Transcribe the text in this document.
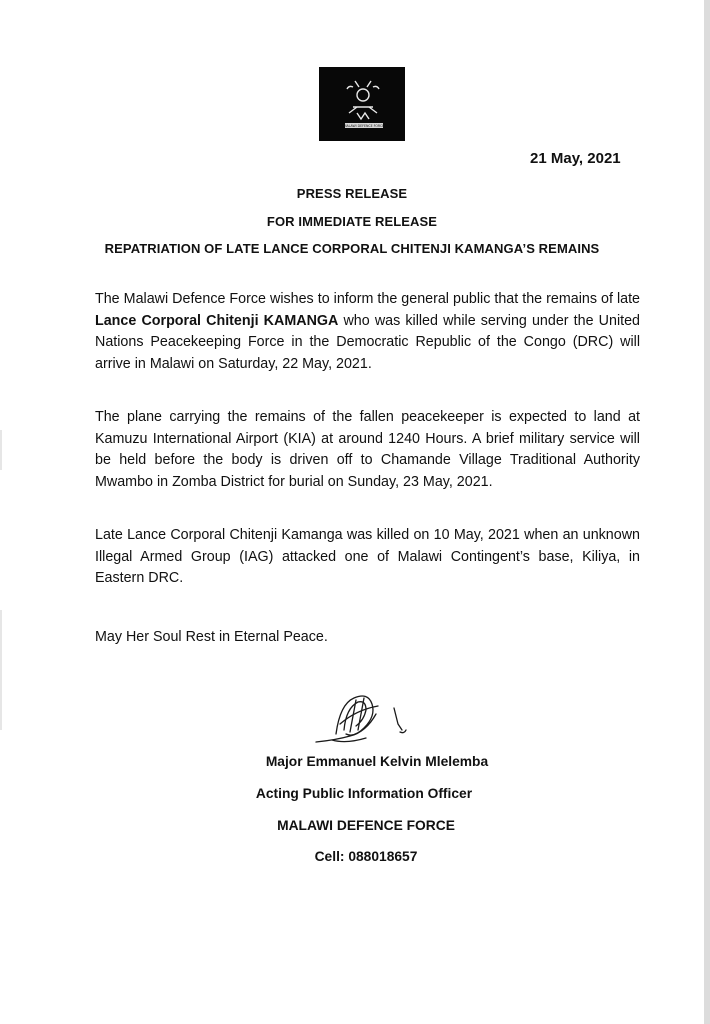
MALAWI DEFENCE FORCE
21 May, 2021
PRESS RELEASE
FOR IMMEDIATE RELEASE
REPATRIATION OF LATE LANCE CORPORAL CHITENJI KAMANGA’S REMAINS
The Malawi Defence Force wishes to inform the general public that the remains of late Lance Corporal Chitenji KAMANGA who was killed while serving under the United Nations Peacekeeping Force in the Democratic Republic of the Congo (DRC) will arrive in Malawi on Saturday, 22 May, 2021.
The plane carrying the remains of the fallen peacekeeper is expected to land at Kamuzu International Airport (KIA) at around 1240 Hours. A brief military service will be held before the body is driven off to Chamande Village Traditional Authority Mwambo in Zomba District for burial on Sunday, 23 May, 2021.
Late Lance Corporal Chitenji Kamanga was killed on 10 May, 2021 when an unknown Illegal Armed Group (IAG) attacked one of Malawi Contingent’s base, Kiliya, in Eastern DRC.
May Her Soul Rest in Eternal Peace.
Major Emmanuel Kelvin Mlelemba
Acting Public Information Officer
MALAWI DEFENCE FORCE
Cell: 088018657
